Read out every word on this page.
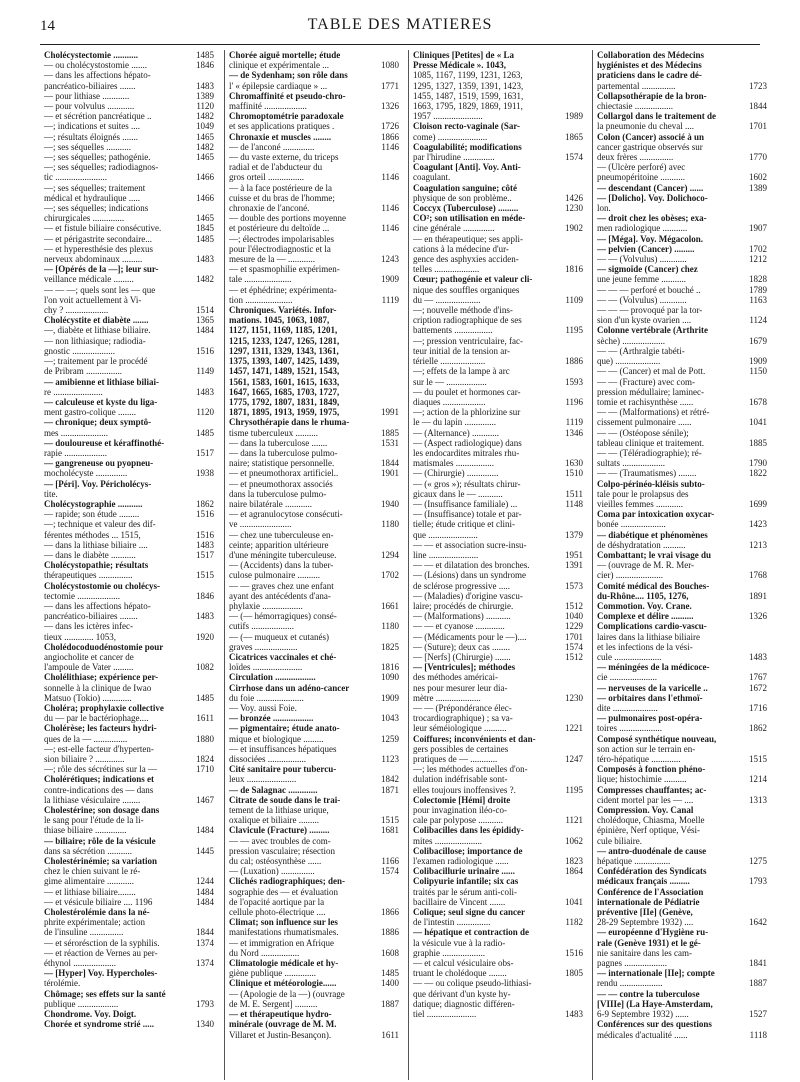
14	TABLE DES MATIERES
Cholécystectomie ...........	1485
— ou cholécystostomie .......	1846
— dans les affections hépato-
pancréatico-biliaires .......	1483
— pour lithiase ............	1389
— pour volvulus ............	1120
— et sécrétion pancréatique ..	1482
—; indications et suites ....	1049
—; résultats éloignés .......	1465
—; ses séquelles ...........	1482
—; ses séquelles; pathogénie.	1465
—; ses séquelles; radiodiagnos-
tic .......................	1466
—; ses séquelles; traitement
médical et hydraulique .....	1466
—; ses séquelles; indications
chirurgicales ..............	1465
— et fistule biliaire consécutive.	1845
— et périgastrite secondaire...	1485
— et hyperesthésie des plexus
nerveux abdominaux .........	1483
— [Opérés de la —]; leur sur-
veillance médicale .........	1482
— — —; quels sont les — que
l'on voit actuellement à Vi-
chy ? ...................	1514
Cholécystite et diabète .......	1365
—, diabète et lithiase biliaire.	1484
— non lithiasique; radiodia-
gnostic ...................	1516
—; traitement par le procédé
de Pribram ................	1149
— amibienne et lithiase biliai-
re ......................	1483
— calculeuse et kyste du liga-
ment gastro-colique ........	1120
— chronique; deux symptô-
mes .....................	1485
— douloureuse et kéraffinothé-
rapie ...................	1517
— gangreneuse ou pyopneu-
mocholécyste ..............	1938
— [Péri]. Voy. Péricholécys-
tite.
Cholécystographie ...........	1862
— rapide; son étude .........	1516
—; technique et valeur des dif-
férentes méthodes ... 1515,	1516
— dans la lithiase biliaire ....	1483
— dans le diabète ...........	1517
Cholécystopathie; résultats
thérapeutiques ...............	1515
Cholécystostomie ou cholécys-
tectomie ...................	1846
— dans les affections hépato-
pancréatico-biliaires ........	1483
— dans les ictères infec-
tieux ............. 1053,	1920
Cholédocoduodénostomie pour
angiocholite et cancer de
l'ampoule de Vater .........	1082
Cholélithiase; expérience per-
sonnelle à la clinique de Iwao
Matsuo (Tokio) .............	1485
Choléra; prophylaxie collective
du — par le bactériophage....	1611
Cholérèse; les facteurs hydri-
ques de la — ...............	1880
—; est-elle facteur d'hyperten-
sion biliaire ? .............	1824
—; rôle des sécrétines sur la —	1710
Cholérétiques; indications et
contre-indications des — dans
la lithiase vésiculaire ........	1467
Cholestérine; son dosage dans
le sang pour l'étude de la li-
thiase biliaire ..............	1484
— biliaire; rôle de la vésicule
dans sa sécrétion ...........	1445
Cholestérinémie; sa variation
chez le chien suivant le ré-
gime alimentaire ............	1244
— et lithiase biliaire........	1484
— et vésicule biliaire .... 1196	1484
Cholestérolémie dans la né-
phrite expérimentale; action
de l'insuline ...............	1844
— et sérorésction de la syphilis.	1374
— et réaction de Vernes au per-
éthynol ...................	1374
— [Hyper] Voy. Hypercholes-
térolémie.
Chômage; ses effets sur la santé
publique ..................	1793
Chondrome. Voy. Doigt.
Chorée et syndrome strié .....	1340
Chorée aiguë mortelle; étude
clinique et expérimentale ...	1080
— de Sydenham; son rôle dans
l' « épilepsie cardiaque » ...	1771
Chromaffinité et pseudo-chro-
maffinité ...................	1326
Chromoptométrie paradoxale
et ses applications pratiques .	1726
Chronaxie et muscles ........	1866
— de l'anconé ..............	1146
— du vaste externe, du triceps
radial et de l'abducteur du
gros orteil ................	1146
— à la face postérieure de la
cuisse et du bras de l'homme;
chronaxie de l'anconé.	1146
— double des portions moyenne
et postérieure du deltoïde ...	1146
—; électrodes impolarisables
pour l'électrodiagnostic et la
mesure de la — ............	1243
— et spasmophilie expérimen-
tale .....................	1909
— et éphédrine; expérimenta-
tion .....................	1119
Chroniques. Variétés. Infor-
mations. 1045, 1063, 1087,
1127, 1151, 1169, 1185, 1201,
1215, 1233, 1247, 1265, 1281,
1297, 1311, 1329, 1343, 1361,
1375, 1393, 1407, 1425, 1439,
1457, 1471, 1489, 1521, 1543,
1561, 1583, 1601, 1615, 1633,
1647, 1665, 1685, 1703, 1727,
1775, 1792, 1807, 1831, 1849,
1871, 1895, 1913, 1959, 1975,	1991
Chrysothérapie dans le rhuma-
tisme tuberculeux ..........	1885
— dans la tuberculose .......	1531
— dans la tuberculose pulmo-
naire; statistique personnelle.	1844
— et pneumothorax artificiel..	1901
— et pneumothorax associés
dans la tuberculose pulmo-
naire bilatérale ............	1940
— et agranulocytose consécuti-
ve .......................	1180
— chez une tuberculeuse en-
ceinte; apparition ultérieure
d'une méningite tuberculeuse.	1294
— (Accidents) dans la tuber-
culose pulmonaire ..........	1702
— — graves chez une enfant
ayant des antécédents d'ana-
phylaxie ..................	1661
— (— hémorragiques) consé-
cutifs ...................	1180
— (— muqueux et cutanés)
graves ...................	1825
Cicatrices vaccinales et ché-
loïdes ......................	1816
Circulation ..................	1090
Cirrhose dans un adéno-cancer
du foie .....................	1909
— Voy. aussi Foie.
— bronzée ..................	1043
— pigmentaire; étude anato-
mique et biologique .........	1259
— et insuffisances hépatiques
dissociées .................	1123
Cité sanitaire pour tubercu-
leux ......................	1842
— de Salagnac .............	1871
Citrate de soude dans le trai-
tement de la lithiase urique,
oxalique et biliaire .........	1515
Clavicule (Fracture) .........	1681
— — avec troubles de com-
pression vasculaire; résection
du cal; ostéosynthèse ......	1166
— (Luxation) ...............	1574
Clichés radiographiques; den-
sographie des — et évaluation
de l'opacité aortique par la
cellule photo-électrique ....	1866
Climat; son influence sur les
manifestations rhumatismales.	1886
— et immigration en Afrique
du Nord .................	1608
Climatologie médicale et hy-
giène publique ..............	1485
Clinique et météorologie......	1400
— (Apologie de la —) (ouvrage
de M. E. Sergent] ..........	1887
— et thérapeutique hydro-
minérale (ouvrage de M. M.
Villaret et Justin-Besançon).	1611
Cliniques [Petites] de « La
Presse Médicale ». 1043,
1085, 1167, 1199, 1231, 1263,
1295, 1327, 1359, 1391, 1423,
1455, 1487, 1519, 1599, 1631,
1663, 1795, 1829, 1869, 1911,
1957 ......................	1989
Cloison recto-vaginale (Sar-
come) ......................	1865
Coagulabilité; modifications
par l'hirudine ..............	1574
Coagulant [Anti]. Voy. Anti-
coagulant.
Coagulation sanguine; côté
physique de son problème..	1426
Coccyx (Tuberculose) .........	1230
CO²; son utilisation en méde-
cine générale ..............	1902
— en thérapeutique; ses appli-
cations à la médecine d'ur-
gence des asphyxies acciden-
telles ....................	1816
Cœur; pathogénie et valeur cli-
nique des souffles organiques
du — ....................	1109
—; nouvelle méthode d'ins-
cription radiographique de ses
battements .................	1195
—; pression ventriculaire, fac-
teur initial de la tension ar-
térielle ....................	1886
—; effets de la lampe à arc
sur le — ..................	1593
— du poulet et hormones car-
diaques ...................	1196
—; action de la phlorizine sur
le — du lapin ..............	1119
— (Alternance) ............	1346
— (Aspect radiologique) dans
les endocardites mitrales rhu-
matismales .................	1630
— (Chirurgie) ..............	1510
— (« gros »); résultats chirur-
gicaux dans le — ...........	1511
— (Insuffisance familiale) ...	1148
— (Insuffisance) totale et par-
tielle; étude critique et clini-
que ......................	1379
— — et association sucre-insu-
line ......................	1951
— — et dilatation des bronches.	1391
— (Lésions) dans un syndrome
de sclérose progressive .....	1573
— (Maladies) d'origine vascu-
laire; procédés de chirurgie.	1512
— (Malformations) ...........	1040
— — et cyanose .............	1229
— (Médicaments pour le —)....	1701
— (Suture); deux cas ........	1574
— [Nerfs] (Chirurgie) .......	1512
— [Ventricules]; méthodes
des méthodes américai-
nes pour mesurer leur dia-
mètre ....................	1230
— — (Prépondérance élec-
trocardiographique) ; sa va-
leur séméiologique ..........	1221
Coiffures; inconvénients et dan-
gers possibles de certaines
pratiques de — ............	1247
—; les méthodes actuelles d'on-
dulation indéfrisable sont-
elles toujours inoffensives ?.	1195
Colectomie [Hémi] droite
pour invagination iléo-co-
cale par polypose ...........	1121
Colibacilles dans les épididy-
mites .....................	1062
Colibacillose; importance de
l'examen radiologique ......	1823
Colibacillurie urinaire ......	1864
Colipyurie infantile; six cas
traités par le sérum anti-coli-
bacillaire de Vincent .......	1041
Colique; seul signe du cancer
de l'intestin ...............	1182
— hépatique et contraction de
la vésicule vue à la radio-
graphie ...................	1516
— et calcul vésiculaire obs-
truant le cholédoque ........	1805
— — ou colique pseudo-lithiasi-
que dérivant d'un kyste hy-
datique; diagnostic différen-
tiel ......................	1483
Collaboration des Médecins
hygiénistes et des Médecins
praticiens dans le cadre dé-
partemental ...............	1723
Collapsothérapie de la bron-
chiectasie .................	1844
Collargol dans le traitement de
la pneumonie du cheval ....	1701
Colon (Cancer) associé à un
cancer gastrique observés sur
deux frères ...............	1770
— (Ulcère perforé) avec
pneumopéritoine ...........	1602
— descendant (Cancer) ......	1389
— [Dolicho]. Voy. Dolichoco-
lon.
— droit chez les obèses; exa-
men radiologique ...........	1907
— [Méga]. Voy. Mégacolon.
— pelvien (Cancer) .........	1702
— — (Volvulus) ............	1212
— sigmoïde (Cancer) chez
une jeune femme ...........	1828
— — — perforé et bouché ..	1789
— — (Volvulus) ............	1163
— — — provoqué par la tor-
sion d'un kyste ovarien ....	1124
Colonne vertébrale (Arthrite
sèche) ...................	1679
— — (Arthralgie tabéti-
que) ....................	1909
— — (Cancer) et mal de Pott.	1150
— — (Fracture) avec com-
pression médullaire; laminec-
tomie et rachisynthèse ......	1678
— — (Malformations) et rétré-
cissement pulmonaire ......	1041
— — (Ostéopose sénile);
tableau clinique et traitement.	1885
— — (Téléradiographie); ré-
sultats ...................	1790
— — (Traumatismes) ........	1822
Colpo-périnéo-kléisis subto-
tale pour le prolapsus des
vieilles femmes ............	1699
Coma par intoxication oxycar-
bonée ....................	1423
— diabétique et phénomènes
de déshydratation ..........	1213
Combattant; le vrai visage du
— (ouvrage de M. R. Mer-
cier) .....................	1768
Comité médical des Bouches-
du-Rhône.... 1105, 1276,	1891
Commotion. Voy. Crane.
Complexe et délire ..........	1326
Complications cardio-vascu-
laires dans la lithiase biliaire
et les infections de la vési-
cule .....................	1483
— méningées de la médicoce-
cie .....................	1767
— nerveuses de la varicelle ..	1672
— orbitaires dans l'ethmoï-
dite ....................	1716
— pulmonaires post-opéra-
toires ...................	1862
Composé synthétique nouveau,
son action sur le terrain en-
téro-hépatique .............	1515
Composés à fonction phéno-
lique; histochimie ..........	1214
Compresses chauffantes; ac-
cident mortel par les — ....	1313
Compression. Voy. Canal
cholédoque, Chiasma, Moelle
épinière, Nerf optique, Vési-
cule biliaire.
— antro-duodénale de cause
hépatique ................	1275
Confédération des Syndicats
médicaux français .........	1793
Conférence de l'Association
internationale de Pédiatrie
préventive [IIe] (Genève,
28-29 Septembre 1932) ....	1642
— européenne d'Hygiène ru-
rale (Genève 1931) et le gé-
nie sanitaire dans les cam-
pagnes ...................	1841
— internationale [IIe]; compte
rendu ...................	1887
— — contre la tuberculose
[VIIIe] (La Haye-Amsterdam,
6-9 Septembre 1932) ......	1527
Conférences sur des questions
médicales d'actualité ......	1118
